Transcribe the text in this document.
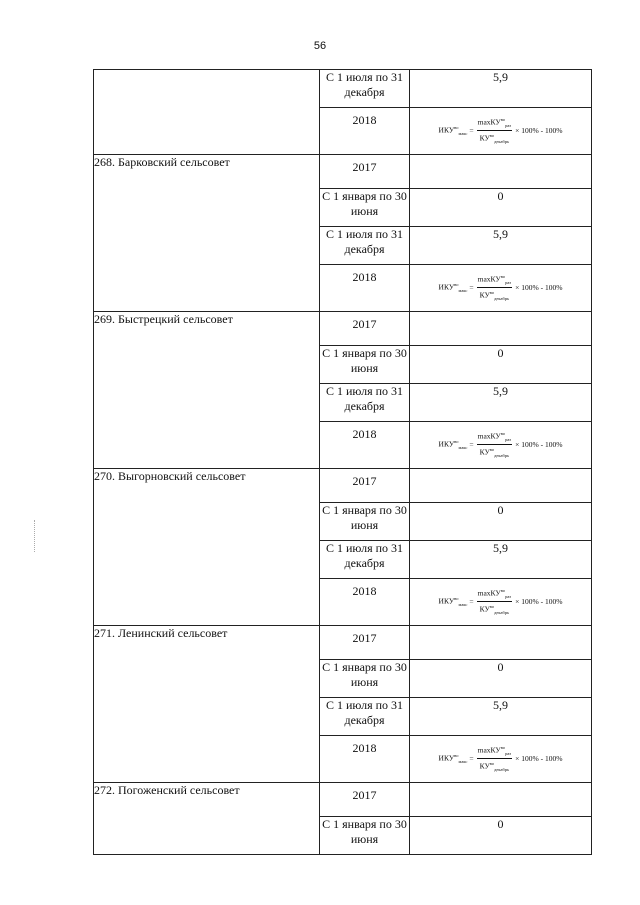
56
	С 1 июля по 31 декабря	5,9
	2018	$ИКУ^{во}_{макс} = \frac{\max КУ^{во}_{раз}}{КУ^{во}_{декабрь}} \times 100\% - 100\%$

268. Барковский сельсовет	2017	
	С 1 января по 30 июня	0
	С 1 июля по 31 декабря	5,9
	2018	$ИКУ^{во}_{макс} = \frac{\max КУ^{во}_{раз}}{КУ^{во}_{декабрь}} \times 100\% - 100\%$

269. Быстрецкий сельсовет	2017	
	С 1 января по 30 июня	0
	С 1 июля по 31 декабря	5,9
	2018	$ИКУ^{во}_{макс} = \frac{\max КУ^{во}_{раз}}{КУ^{во}_{декабрь}} \times 100\% - 100\%$

270. Выгорновский сельсовет	2017	
	С 1 января по 30 июня	0
	С 1 июля по 31 декабря	5,9
	2018	$ИКУ^{во}_{макс} = \frac{\max КУ^{во}_{раз}}{КУ^{во}_{декабрь}} \times 100\% - 100\%$

271. Ленинский сельсовет	2017	
	С 1 января по 30 июня	0
	С 1 июля по 31 декабря	5,9
	2018	$ИКУ^{во}_{макс} = \frac{\max КУ^{во}_{раз}}{КУ^{во}_{декабрь}} \times 100\% - 100\%$

272. Погоженский сельсовет	2017	
	С 1 января по 30 июня	0
